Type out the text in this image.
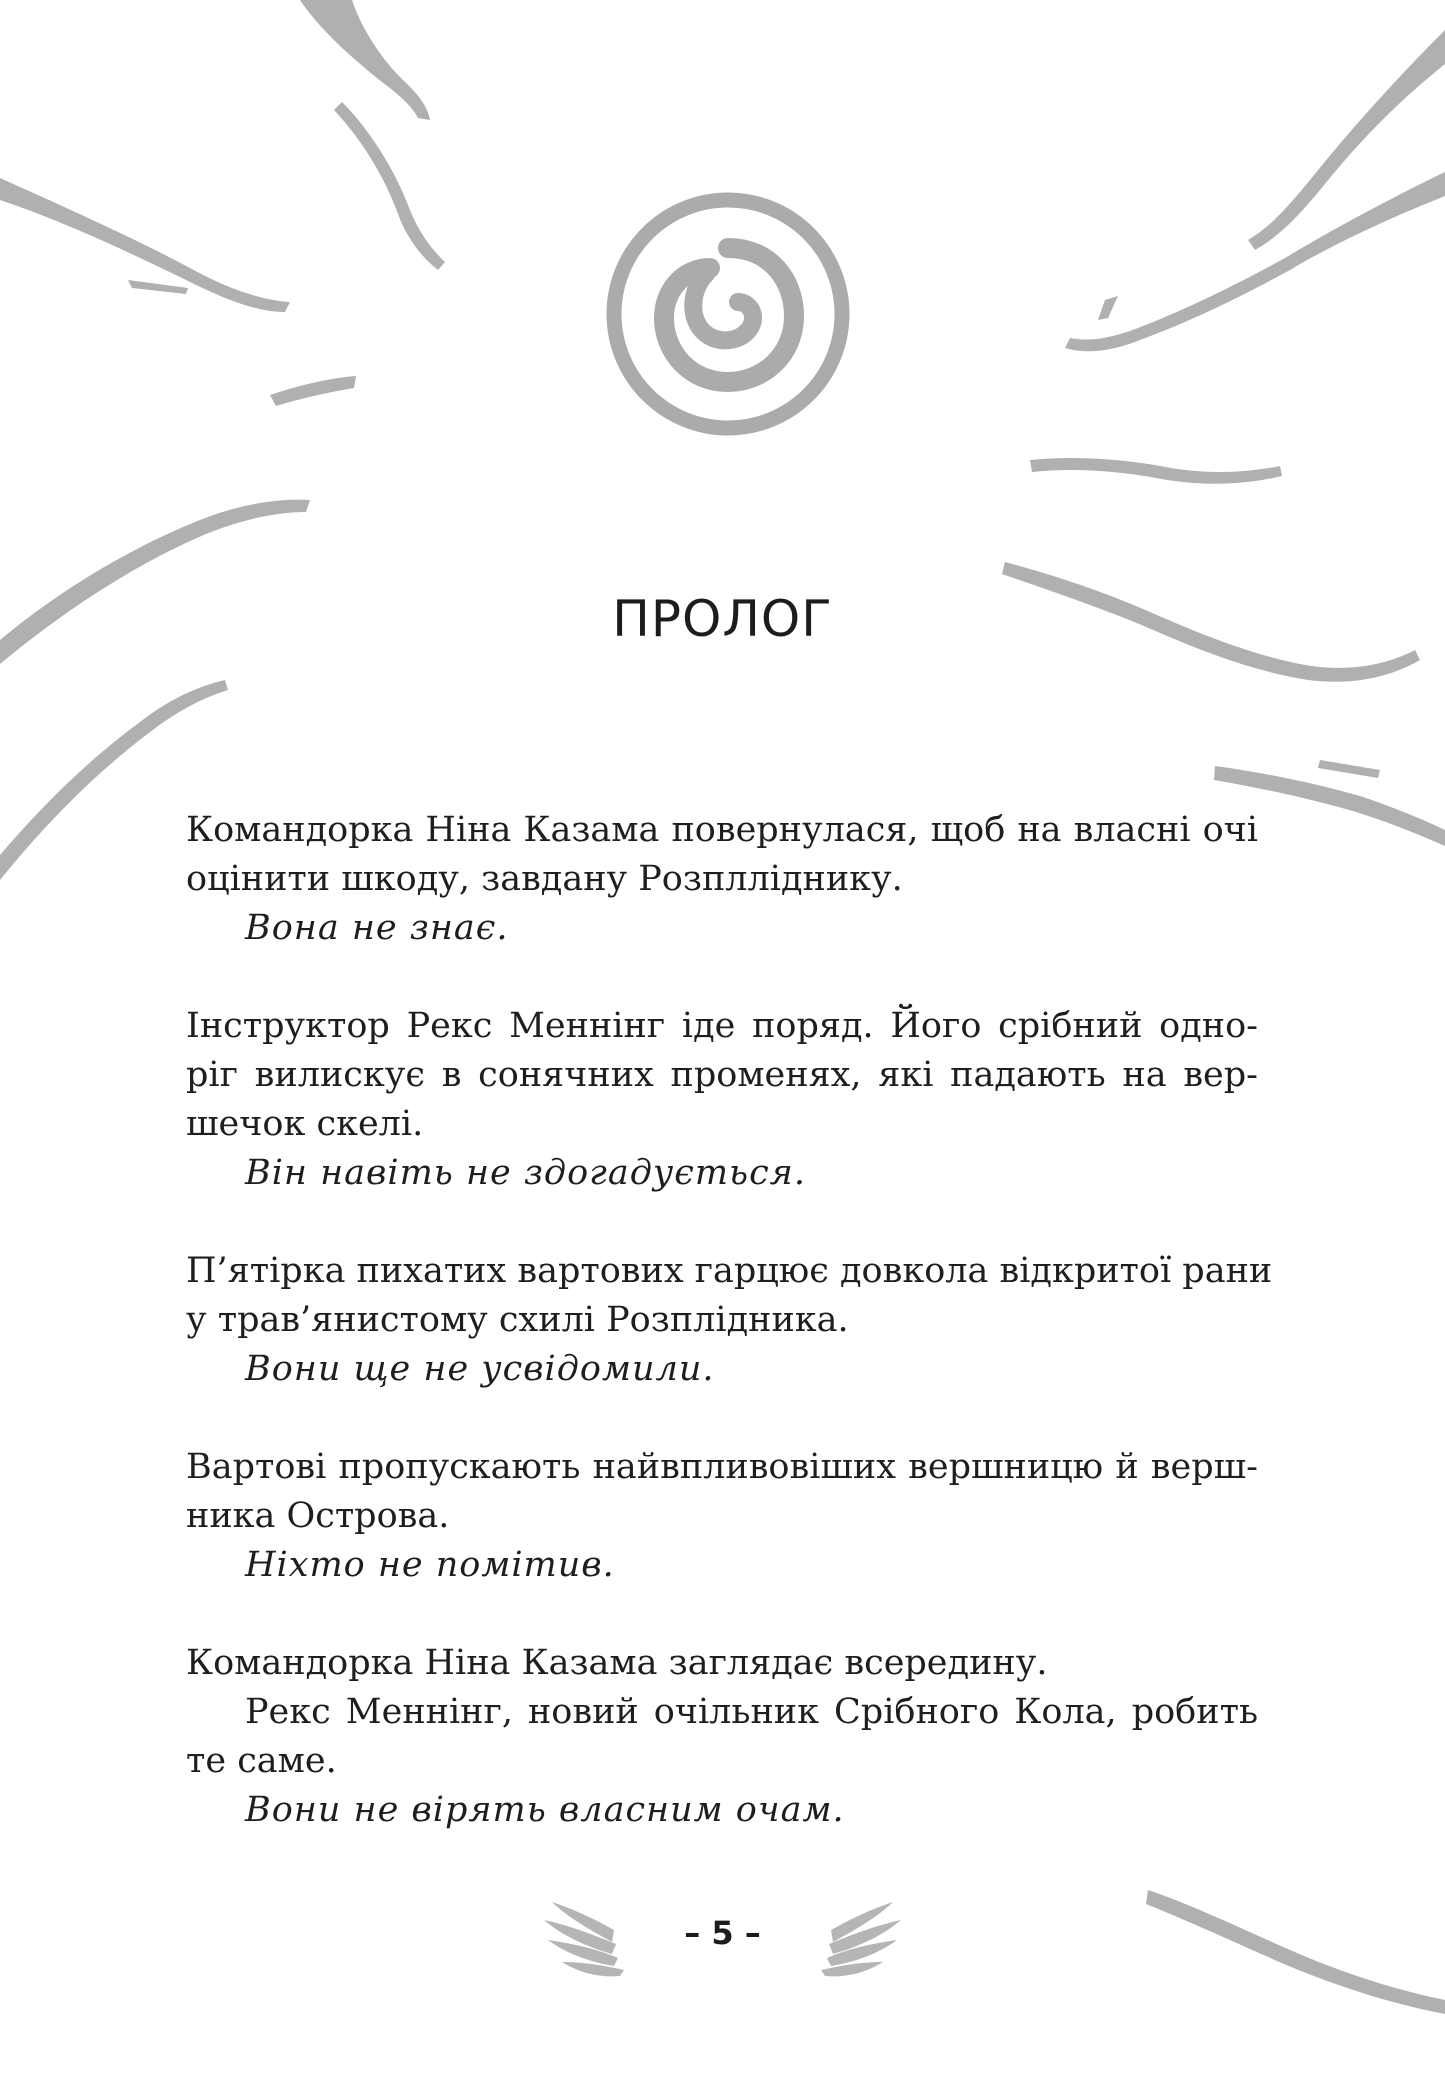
ПРОЛОГ
Командорка Ніна Казама повернулася, щоб на власні очі
оцінити шкоду, завдану Розплліднику.
Вона не знає.
Інструктор Рекс Меннінг іде поряд. Його срібний одно-
ріг вилискує в сонячних променях, які падають на вер-
шечок скелі.
Він навіть не здогадується.
П’ятірка пихатих вартових гарцює довкола відкритої рани
у трав’янистому схилі Розплідника.
Вони ще не усвідомили.
Вартові пропускають найвпливовіших вершницю й верш-
ника Острова.
Ніхто не помітив.
Командорка Ніна Казама заглядає всередину.
Рекс Меннінг, новий очільник Срібного Кола, робить
те саме.
Вони не вірять власним очам.
– 5 –
